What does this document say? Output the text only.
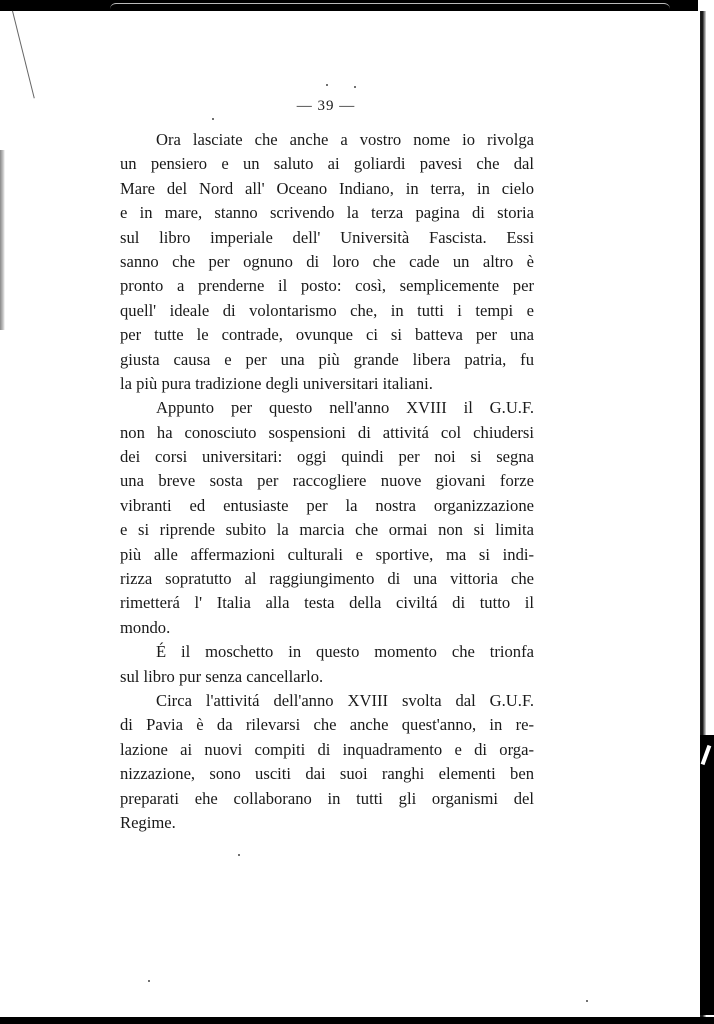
— 39 —
Ora lasciate che anche a vostro nome io rivolga
un pensiero e un saluto ai goliardi pavesi che dal
Mare del Nord all' Oceano Indiano, in terra, in cielo
e in mare, stanno scrivendo la terza pagina di storia
sul libro imperiale dell' Università Fascista. Essi
sanno che per ognuno di loro che cade un altro è
pronto a prenderne il posto: così, semplicemente per
quell' ideale di volontarismo che, in tutti i tempi e
per tutte le contrade, ovunque ci si batteva per una
giusta causa e per una più grande libera patria, fu
la più pura tradizione degli universitari italiani.
Appunto per questo nell'anno XVIII il G.U.F.
non ha conosciuto sospensioni di attivitá col chiudersi
dei corsi universitari: oggi quindi per noi si segna
una breve sosta per raccogliere nuove giovani forze
vibranti ed entusiaste per la nostra organizzazione
e si riprende subito la marcia che ormai non si limita
più alle affermazioni culturali e sportive, ma si indi-
rizza sopratutto al raggiungimento di una vittoria che
rimetterá l' Italia alla testa della civiltá di tutto il
mondo.
É il moschetto in questo momento che trionfa
sul libro pur senza cancellarlo.
Circa l'attivitá dell'anno XVIII svolta dal G.U.F.
di Pavia è da rilevarsi che anche quest'anno, in re-
lazione ai nuovi compiti di inquadramento e di orga-
nizzazione, sono usciti dai suoi ranghi elementi ben
preparati ehe collaborano in tutti gli organismi del
Regime.
